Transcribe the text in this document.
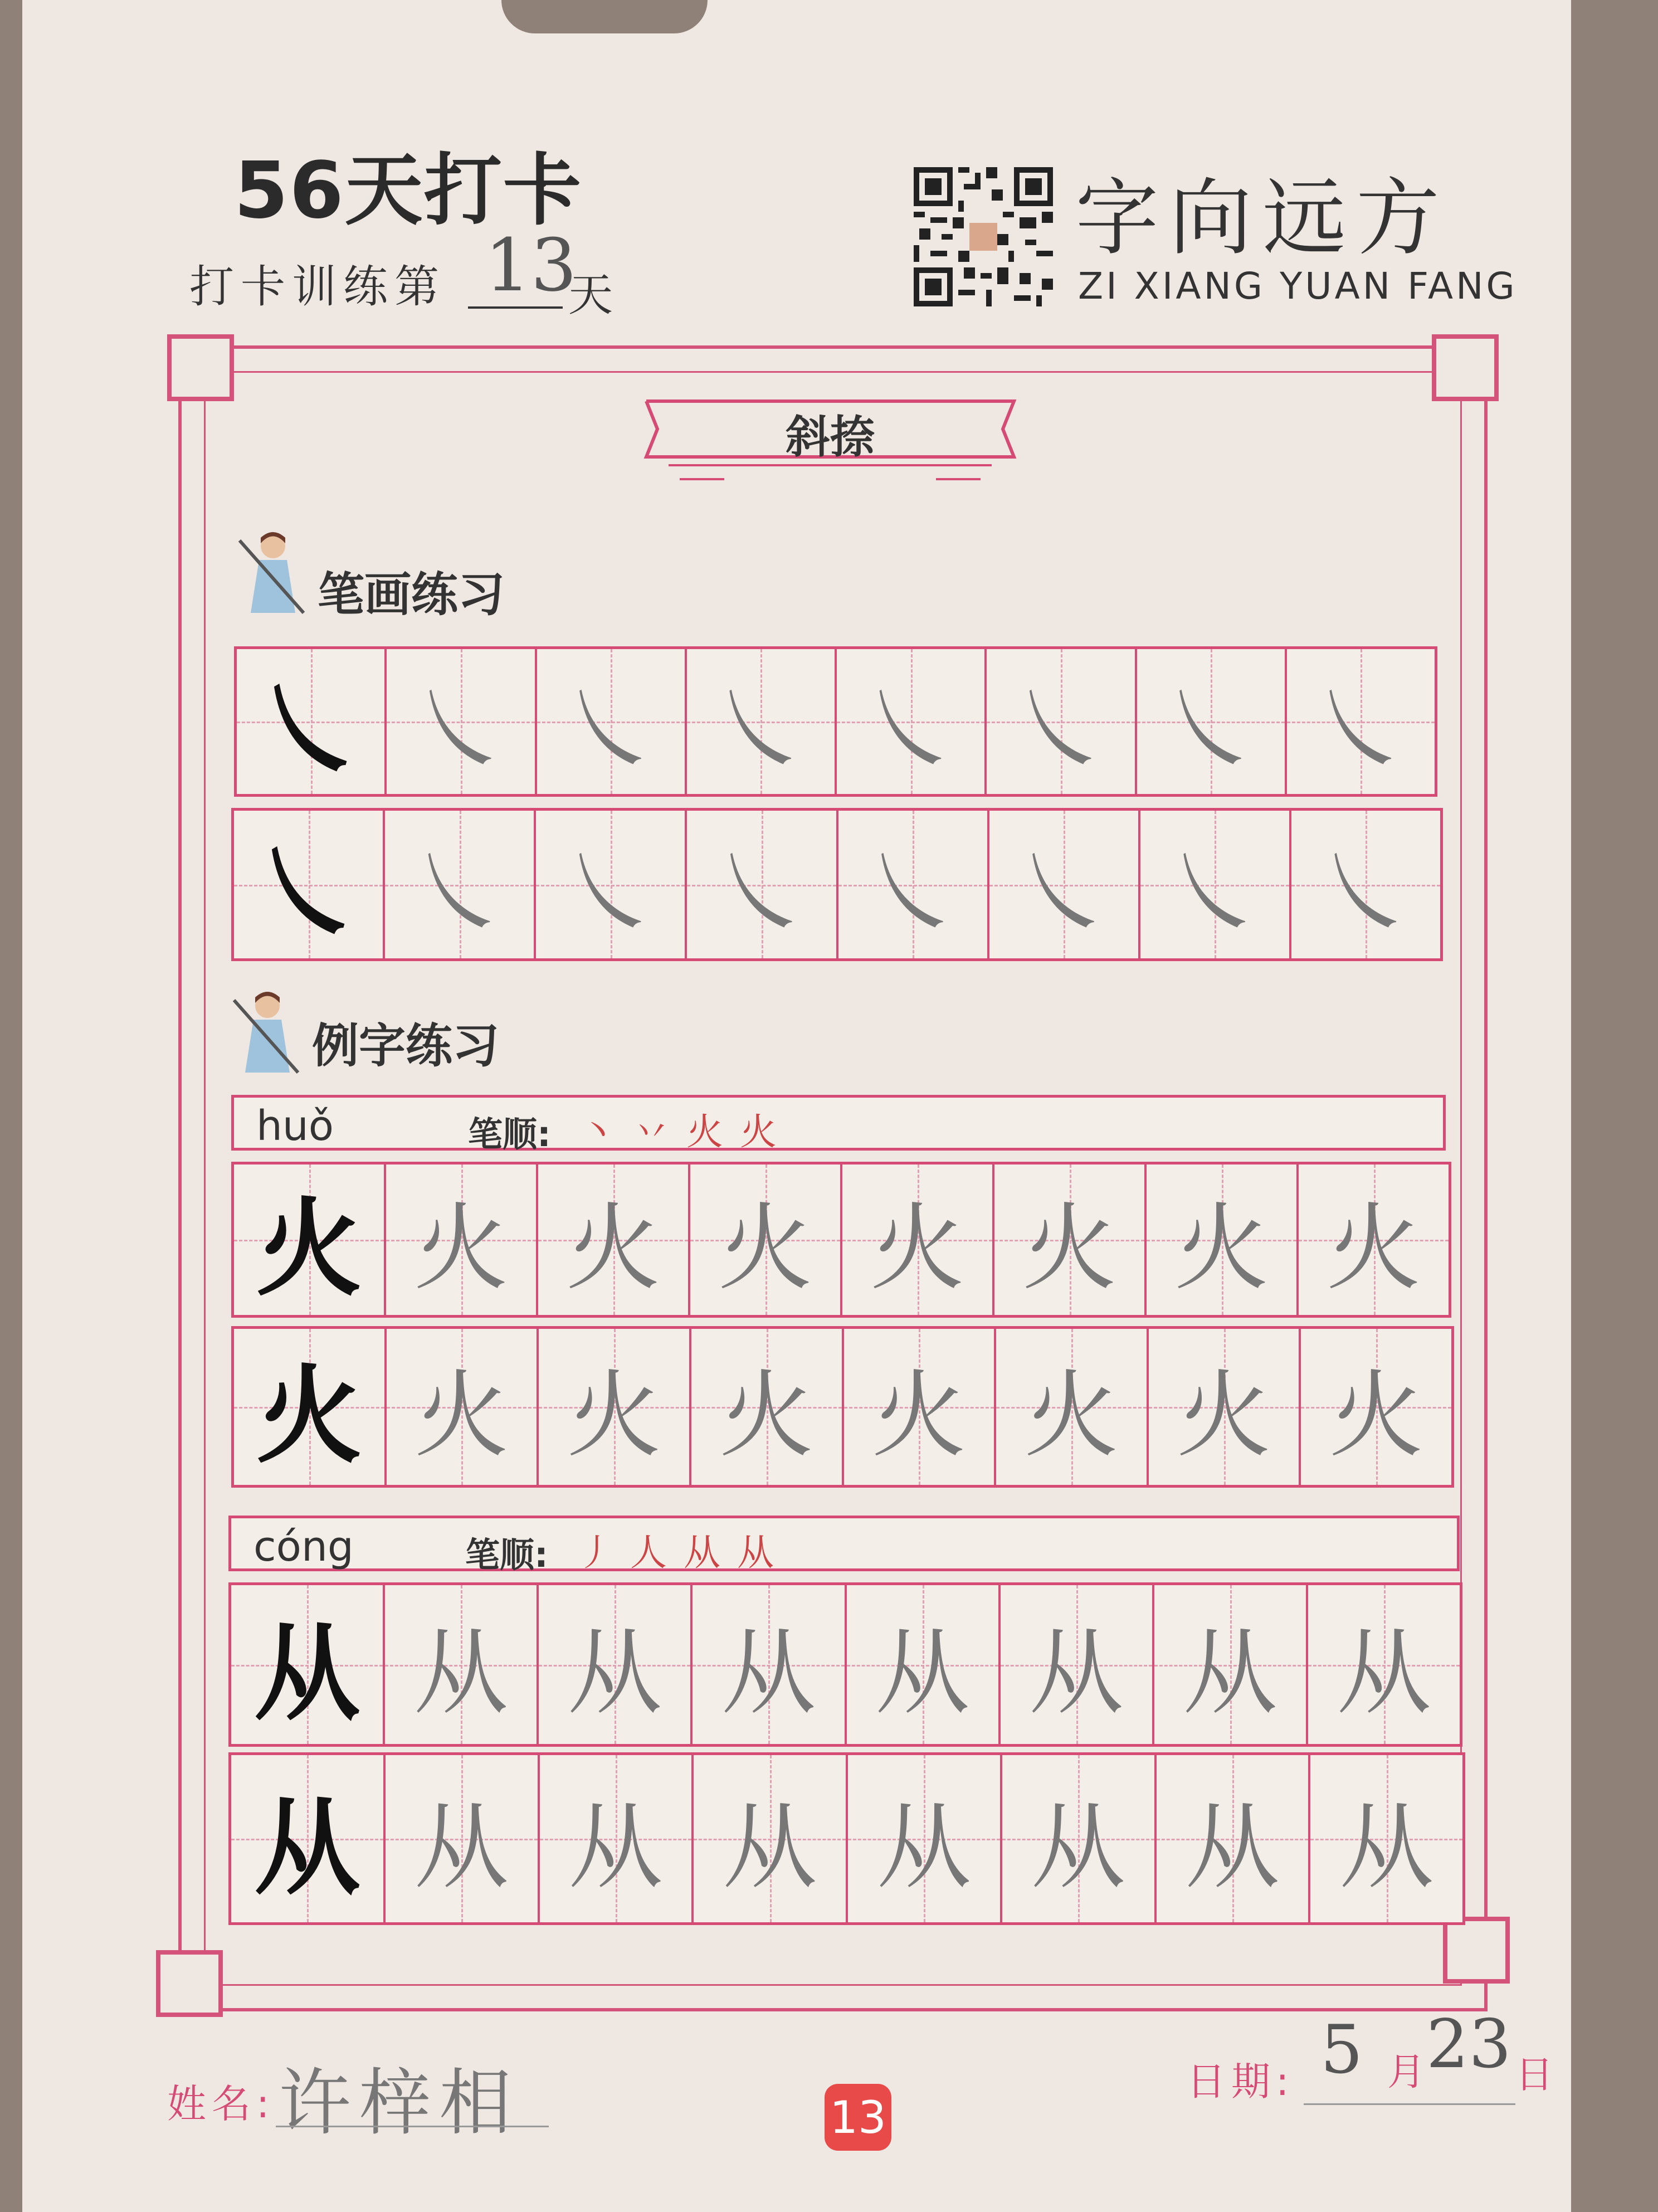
56天打卡
打卡训练第 13
天
字向远方
ZI XIANG YUAN FANG
斜捺
笔画练习
㇏ ㇏ ㇏ ㇏ ㇏ ㇏ ㇏ ㇏
㇏ ㇏ ㇏ ㇏ ㇏ ㇏ ㇏ ㇏
例字练习
huǒ	笔顺: 丶丷火火
火 火 火 火 火 火 火 火
火 火 火 火 火 火 火 火
cóng	笔顺: 丿人从从
从 从 从 从 从 从 从 从
从 从 从 从 从 从 从 从
姓名: 许梓相	13
日期: 5 月 23 日
